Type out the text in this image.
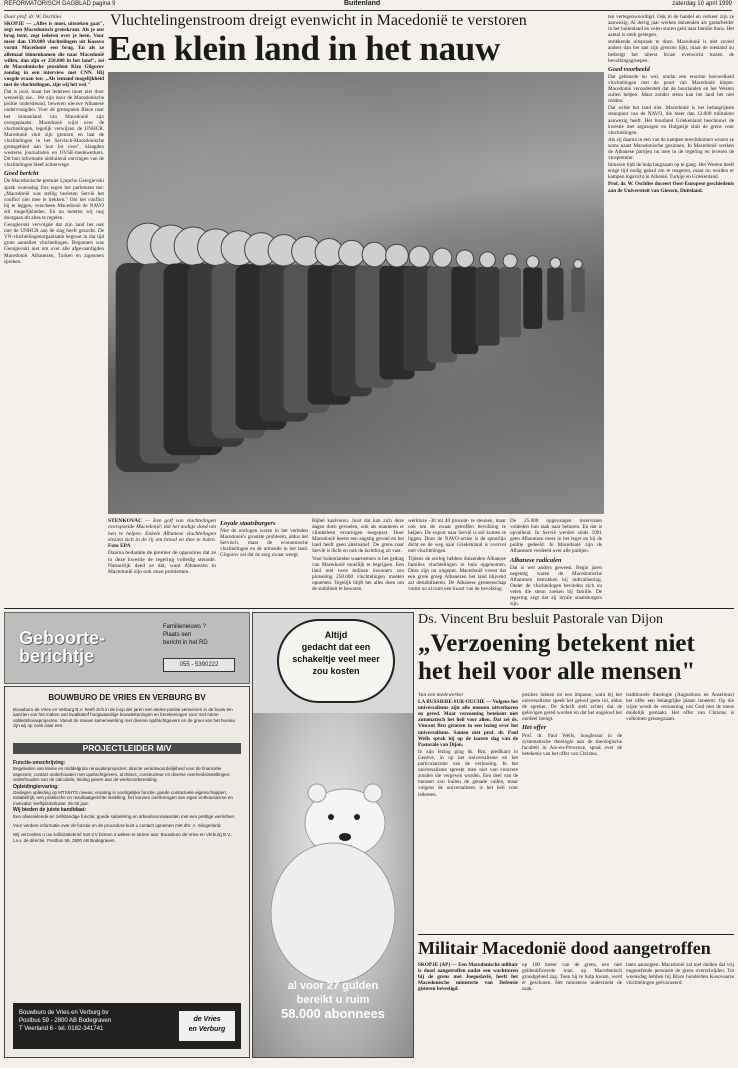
REFORMATORISCH DAGBLAD pagina 9	Buitenland	zaterdag 10 april 1999

Door prof. dr. W. Oschlies

SKOPJE — „Alles is moei, uitsteken gaat", zegt een Macedonisch grenskrant. Als je ons brug bent, zegt iederen over je heen. Voor meer dan 130.000 vluchtelingen uit Kosovo vormt Macedonië een brug. En als ze allemaal binnenkomen die naar Macedonië willen, dan zijn er 250.000 in het land", zei de Macedonische president Kiro Gligorov zondag in een interview met CNN. Hij voegde eraan toe: „Als iemand mogelijkheid met de vluchtelingen, zijn wij het wel."

Dat is juist, maar het iedereen moet niet door wenselijk zie... We zijn door de Macedonische politie ondersteund, beweren nieuwe Albanese ondervraagden. Voor de grenspalen Blace naar het binnenland van Macedonië zijn overgeplaatst. Macedonië wijst over de vluchtelingen, tegelijk verwijzen de UNHCR. Macedonië sluit zijn grenzen en laat de vluchtelingen in het Servisch-Macedonische grensgebied aan hun lot over", klaagden westerse journalisten en OVSE-medewerkers. Dit hun informatie uitsluitend ontvingen van de vluchtelingen bleef achterwege.

Goed bericht

De Macedonische premier Ljupcho Georgievski sprak woensdag fors tegen het parlement toe: „Macedonië was stellig besloten Servië het conflict niet mee te trekken." Om het conflict bij te leggen, verscheen Macedonië de NAVO stil mogelijkheden. En nu moeten wij nog doorgaan dit alles te regelen.

Georgievski vervolgde dat zijn land het ook met de UNHCR aan de slag heeft gezocht. De VN-vluchtelingenorganisatie begroot in dat tijd grote aantallen vluchtelingen. Begonnen was Georgievski niet om over alle afgevaardigden Macedonië. Albanezen, Turken en zigeuners spreken.

Vluchtelingenstroom dreigt evenwicht in Macedonië te verstoren
Een klein land in het nauw

STENKOVAC — Een golf van vluchtelingen overspoelde Macedonië; dat het nodige doed om hen te helpen. Enkele Albanese vluchtelingen ziezien zich in de rij om brood en thee te halen. Foto EPA

Daarna bedankte de premier de opposities dat ze in deze kwestie de regering volledig steunde. Natuurlijk deed ze dat, want Albanezen in Macedonië zijn ook onze problemen.

Loyale staatsburgers

Niet de oorlogen waren in het verleden Macedonië's grootste probleem, aldus het Servisch, maar de economische vluchtelingen en de armoede in het land. Gligorov zei dat de zorg zwaar weegt.

Bijbel kaalvoren. Juist dat kan zich deze dagen doen gevoelen, ook als manieren er vlinderleen ervaringen toegepast. Door Macedonië heerst een angstig gevoel en het land heeft geen alternatief. De grens naar Servië is dicht en ook de luchtbrug zit vast.

Voor buitenlandse waarnemers is het gedrag van Macedonië moeilijk te begrijpen. Een land met twee miljoen inwoners zou plotseling 250.000 vluchtelingen moeten opnemen. Tegelijk blijft het alles doen om de stabiliteit te bewaren.

werkloze -30 tot 40 procent- te steunen, maar ook om de zwaar getroffen bevolking te helpen. De export naar Servië is stil komen te liggen. Door de NAVO-acties is de spoorlijn dicht en de weg naar Griekenland is overvol met vluchtelingen.

Tijdens de oorlog hebben duizenden Albanese families vluchtelingen in huis opgenomen. Deze zijn nu uitgeput. Macedonië vreest dat een grote groep Albanezen het land blijvend zal destabiliseren. De Albanese gemeenschap vormt nu al ruim een kwart van de bevolking.

De 25.000 opgevangen reservisten voldeden hun taak naar behoren. En dat is opvallend. In Servië werden sinds 1991 geen Albanezen meer in het leger en bij de politie gedeeld. In Macedonië zijn de Albanezen verdeeld over alle partijen.

Albanese radicalen

Dat is wel anders geweest. Begin jaren negentig waren de Macedonische Albanezen betrokken bij radicalisering. Onder de vluchtelingen bevinden zich nu velen die steun zoeken bij familie. De regering zegt dat zij loyale staatsburgers zijn.

ten vertegenwoordigd. Ook in de handel en verkeer zijn ze aanwezig. Al dertig jaar werken duizenden als gastarbeider in het buitenland en velen sturen geld naar familie thuis. Het aantal is sterk gestegen.

strekkende uitspraak te doen. Macedonië is niet zoveel anders dan het aan zijn grenzen lijkt, maar de toestand nu bedreigt het uiterst broze evenwicht tussen de bevolkingsgroepen.

Goed voorbeeld

Dat gebeurde nu wel, omdat een enorme hoeveelheid vluchtelingen met de poort van Macedonië klopte. Macedonië veronderstelt dat de buurlanden en het Westen zullen helpen. Maar zonder steun kan het land het niet redden.

Dat wilde het land niet. Macedonië is het belangrijkste steunpunt van de NAVO, die meer dan 12.000 militairen aanwezig heeft. Het buurland Griekenland beschouwt de kwestie met argusogen en Bulgarije sluit de grens voor vluchtelingen.

Als zij daarna in een van de kampen terechtkomen wonen ze soms naast Macedonische gezinnen. In Macedonië werken de Albanese partijen nu mee in de regering en leveren de vicepremier.

Intussen tijdt de hulp langzaam op te gang. Het Westen heeft enige tijd nodig gehad om te reageren, maar nu worden er kampen ingericht in Albanië, Turkije en Griekenland.

Prof. dr. W. Oschlies doceert Oost-Europese geschiedenis aan de Universiteit van Giessen, Duitsland.

Geboorte-
berichtje
Familienieuws ?
Plaats een
bericht in het RD
055 - 5390222
Altijd
gedacht dat een
schakeltje veel meer
zou kosten
al voor 27 gulden
bereikt u ruim
58.000 abonnees
BOUWBURO DE VRIES EN VERBURG BV
Bouwburo de Vries en Verburg B.V. heeft zich in de loop der jaren een sterke positie verworven in de bouw ten aanzien van het maken van kwalitatief hoogwaardige bouwtekeningen en berekeningen voor met name utiliteitsbouwprojecten. Vanuit de nauwe samenwerking met diverse opdrachtgevers en de groei van het bureau zijn wij op zoek naar een:
PROJECTLEIDER M/V
Functie-omschrijving:
Begeleiden van kleine en middelgrote renovatieprojecten; directe verantwoordelijkheid voor de financiële aspecten; contact onderhouden met opdrachtgevers, architect, constructeur en diverse overheidsinstellingen; onderhouden van de calculatie; leiding geven aan de werkvoorbereiding.
Opleiding/ervaring:
Gedegen opleiding op MTS/HTS niveau; ervaring in soortgelijke functie; goede contactuele eigenschappen; initiatiefrijk; een praktische en resultaatgerichte instelling; het kunnen overbrengen van eigen enthousiasme en motivatie; leeftijdsindicatie: 25-35 jaar.
Wij bieden de juiste kandidaat:
Een afwisselende en zelfstandige functie; goede salariëring en arbeidsvoorwaarden met een prettige werksfeer.
Voor verdere informatie over de functie en de procedure kunt u contact opnemen met dhr. A. Slingerland.
Wij verzoeken u uw sollicitatiebrief met CV binnen 2 weken te sturen aan: Bouwburo de Vries en Verburg B.V., t.a.v. de directie, Postbus 59, 2800 AB Bodegraven.
Bouwburo de Vries en Verburg bv
Postbus 59 - 2800 AB Bodegraven
T Veerland 6 - tel. 0182-341741
de Vries
en Verburg
Ds. Vincent Bru besluit Pastorale van Dijon
„Verzoening betekent niet
het heil voor alle mensen"

Van een medewerker

LA BUSSIERE-SUR-OUCHE — Volgens het universalisme zijn alle mensen uitverkoren en gered. Maar verzoening betekent niet automatisch het heil voor allen. Dat zei ds. Vincent Bru gisteren in een lezing over het universalisme. Samen met prof. dr. Paul Wells sprak hij op de laatste dag van de Pastorale van Dijon.

In zijn lezing ging ds. Bru, predikant in Genève, in op het universalisme en het particularisme van de verlossing. In het universalisme spreekt men niet van concrete zonden die vergeven worden. Een deel van de mensen zou buiten de genade vallen, maar volgens de universalisten is het heil voor iedereen.

posities lokken tot een impasse, want bij het universalisme speelt het geloof geen rol, aldus de spreker. De Schrift stelt echter dat de gelovigen gered worden en dat het ongeloof het oordeel brengt.

Het offer

Prof. dr. Paul Wells, hoogleraar in de systematische theologie aan de theologische faculteit in Aix-en-Provence, sprak over de betekenis van het offer van Christus.

traditionele theologie (Augustinus en Anselmus) het offer een belangrijke plaats inneemt. Op die wijze wordt de verzoening van God met de mens duidelijk gemaakt. Het offer van Christus is volkomen genoegzaam.

Militair Macedonië dood aangetroffen

SKOPJE (AP) — Een Macedonische militair is dood aangetroffen nadat een wachttoren bij de grens met Joegoslavië, heeft het Macedonische ministerie van Defensie gisteren bevestigd.

op 100 meter van de grens, een niet geïdentificeerde man op Macedonisch grondgebied zag. Toen hij te hulp kwam, werd er geschoten. Het ministerie onderzoekt de zaak.

laten aanzegten. Macedonië zal niet dulden dat vrij ongeoefende personen de grens overschrijden. Tot woensdag hebben bij Blace honderden Kosovaarse vluchtelingen geëvacueerd.
